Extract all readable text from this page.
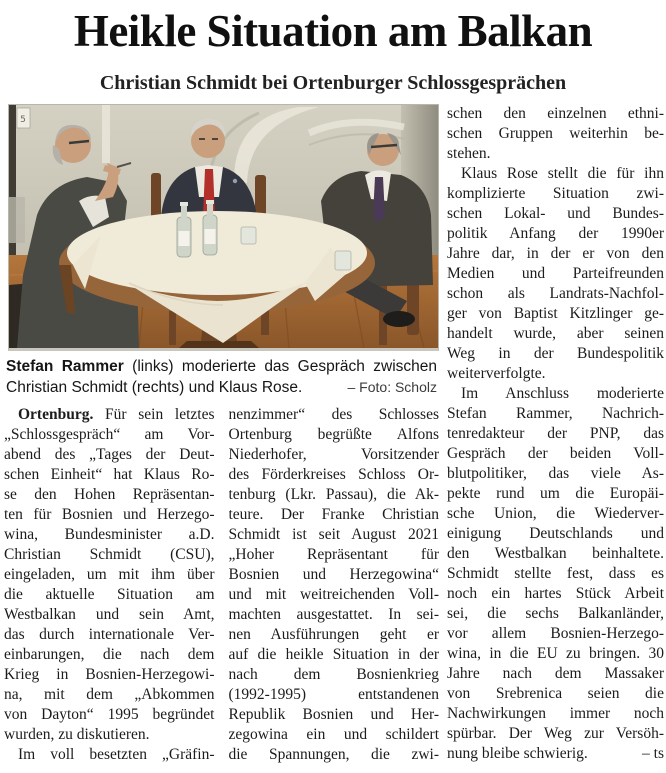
Heikle Situation am Balkan
Christian Schmidt bei Ortenburger Schlossgesprächen
5
Stefan Rammer (links) moderierte das Gespräch zwischen Christian Schmidt (rechts) und Klaus Rose.	– Foto: Scholz
Ortenburg. Für sein letztes
„Schlossgespräch“ am Vor-
abend des „Tages der Deut-
schen Einheit“ hat Klaus Ro-
se den Hohen Repräsentan-
ten für Bosnien und Herzego-
wina, Bundesminister a.D.
Christian Schmidt (CSU),
eingeladen, um mit ihm über
die aktuelle Situation am
Westbalkan und sein Amt,
das durch internationale Ver-
einbarungen, die nach dem
Krieg in Bosnien-Herzegowi-
na, mit dem „Abkommen
von Dayton“ 1995 begründet
wurden, zu diskutieren.
Im voll besetzten „Gräfin-
nenzimmer“ des Schlosses
Ortenburg begrüßte Alfons
Niederhofer, Vorsitzender
des Förderkreises Schloss Or-
tenburg (Lkr. Passau), die Ak-
teure. Der Franke Christian
Schmidt ist seit August 2021
„Hoher Repräsentant für
Bosnien und Herzegowina“
und mit weitreichenden Voll-
machten ausgestattet. In sei-
nen Ausführungen geht er
auf die heikle Situation in der
nach dem Bosnienkrieg
(1992-1995) entstandenen
Republik Bosnien und Her-
zegowina ein und schildert
die Spannungen, die zwi-
schen den einzelnen ethni-
schen Gruppen weiterhin be-
stehen.
Klaus Rose stellt die für ihn
komplizierte Situation zwi-
schen Lokal- und Bundes-
politik Anfang der 1990er
Jahre dar, in der er von den
Medien und Parteifreunden
schon als Landrats-Nachfol-
ger von Baptist Kitzlinger ge-
handelt wurde, aber seinen
Weg in der Bundespolitik
weiterverfolgte.
Im Anschluss moderierte
Stefan Rammer, Nachrich-
tenredakteur der PNP, das
Gespräch der beiden Voll-
blutpolitiker, das viele As-
pekte rund um die Europäi-
sche Union, die Wiederver-
einigung Deutschlands und
den Westbalkan beinhaltete.
Schmidt stellte fest, dass es
noch ein hartes Stück Arbeit
sei, die sechs Balkanländer,
vor allem Bosnien-Herzego-
wina, in die EU zu bringen. 30
Jahre nach dem Massaker
von Srebrenica seien die
Nachwirkungen immer noch
spürbar. Der Weg zur Versöh-
nung bleibe schwierig.	– ts
